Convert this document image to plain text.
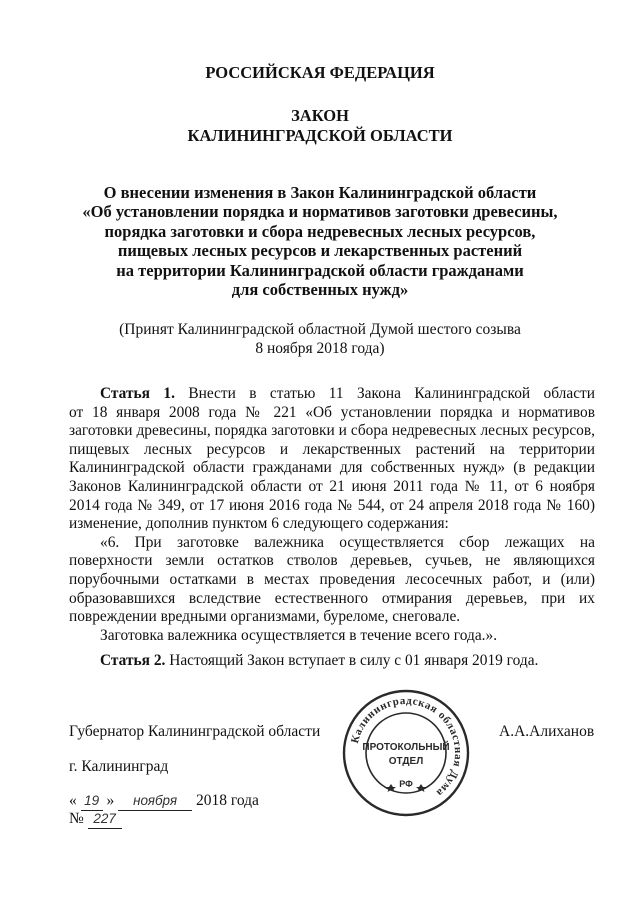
РОССИЙСКАЯ ФЕДЕРАЦИЯ
ЗАКОН
КАЛИНИНГРАДСКОЙ ОБЛАСТИ
О внесении изменения в Закон Калининградской области
«Об установлении порядка и нормативов заготовки древесины,
порядка заготовки и сбора недревесных лесных ресурсов,
пищевых лесных ресурсов и лекарственных растений
на территории Калининградской области гражданами
для собственных нужд»
(Принят Калининградской областной Думой шестого созыва
8 ноября 2018 года)

Статья 1. Внести в статью 11 Закона Калининградской области

от 18 января 2008 года № 221 «Об установлении порядка и нормативов

заготовки древесины, порядка заготовки и сбора недревесных лесных ресурсов,

пищевых лесных ресурсов и лекарственных растений на территории

Калининградской области гражданами для собственных нужд» (в редакции

Законов Калининградской области от 21 июня 2011 года № 11, от 6 ноября

2014 года № 349, от 17 июня 2016 года № 544, от 24 апреля 2018 года № 160)

изменение, дополнив пунктом 6 следующего содержания:

«6. При заготовке валежника осуществляется сбор лежащих на

поверхности земли остатков стволов деревьев, сучьев, не являющихся

порубочными остатками в местах проведения лесосечных работ, и (или)

образовавшихся вследствие естественного отмирания деревьев, при их

повреждении вредными организмами, буреломе, снеговале.

Заготовка валежника осуществляется в течение всего года.».

Статья 2. Настоящий Закон вступает в силу с 01 января 2019 года.

Губернатор Калининградской области	А.А.Алиханов
г. Калининград
« 19 » ноября 2018 года
№ 227
Калининградская областная Дума
ПРОТОКОЛЬНЫЙ
ОТДЕЛ
РФ
